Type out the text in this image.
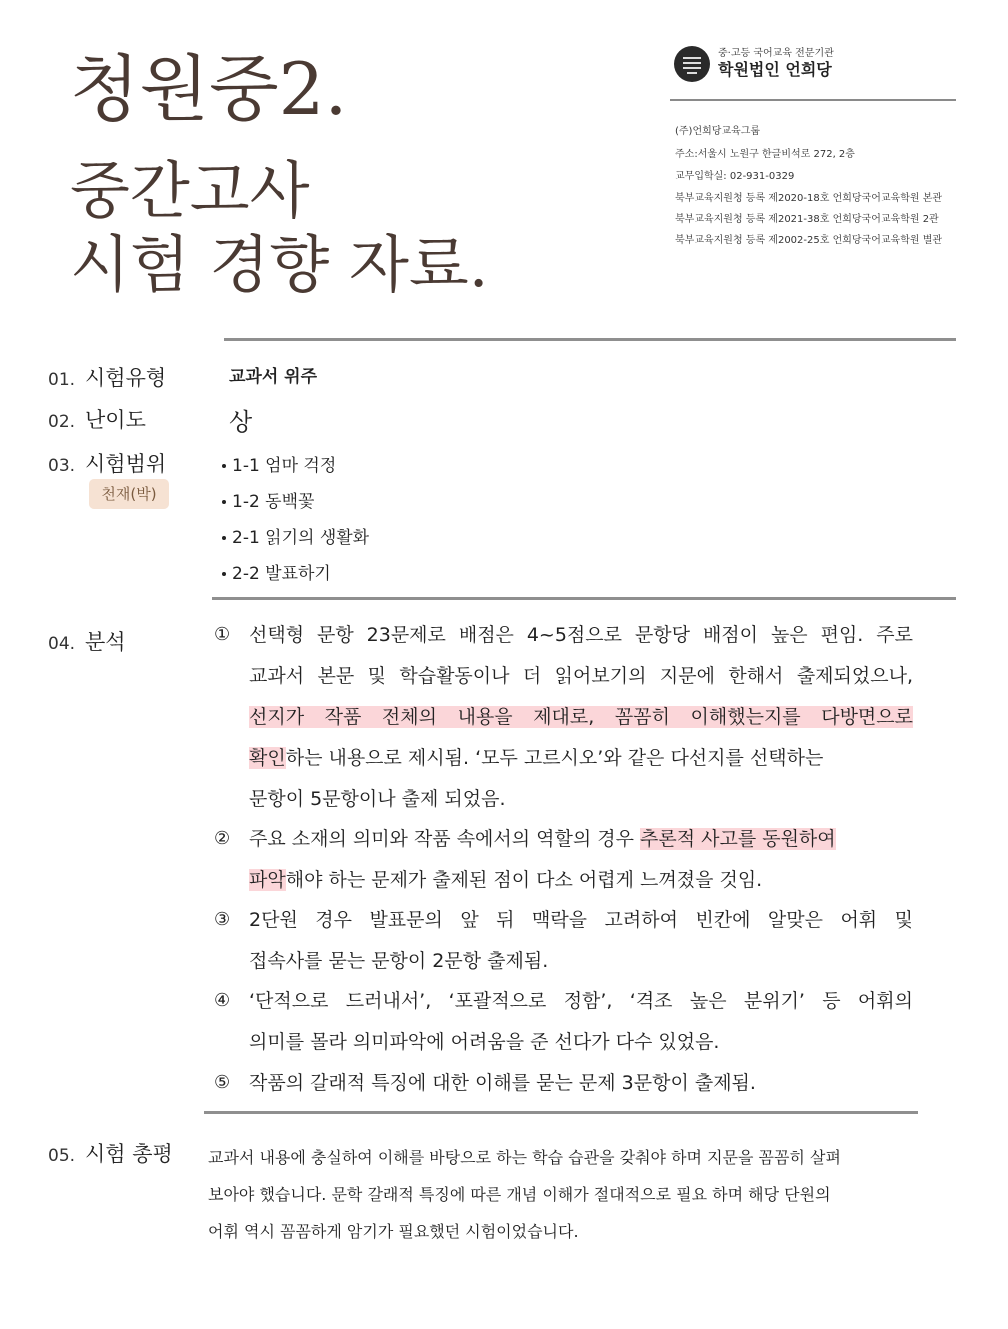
청원중2.
중간고사
시험 경향 자료.
중·고등 국어교육 전문기관
학원법인 언희당
(주)언희당교육그룹
주소:서울시 노원구 한글비석로 272, 2층
교무입학실: 02-931-0329
북부교육지원청 등록 제2020-18호 언희당국어교육학원 본관
북부교육지원청 등록 제2021-38호 언희당국어교육학원 2관
북부교육지원청 등록 제2002-25호 언희당국어교육학원 별관
01. 시험유형	교과서 위주
02. 난이도	상
03. 시험범위
천재(박)
1-1 엄마 걱정
1-2 동백꽃
2-1 읽기의 생활화
2-2 발표하기
04. 분석	① 선택형 문항 23문제로 배점은 4~5점으로 문항당 배점이 높은 편임. 주로
교과서 본문 및 학습활동이나 더 읽어보기의 지문에 한해서 출제되었으나,
선지가 작품 전체의 내용을 제대로, 꼼꼼히 이해했는지를 다방면으로
확인하는 내용으로 제시됨. ‘모두 고르시오’와 같은 다선지를 선택하는
문항이 5문항이나 출제 되었음.
② 주요 소재의 의미와 작품 속에서의 역할의 경우 추론적 사고를 동원하여
파악해야 하는 문제가 출제된 점이 다소 어렵게 느껴졌을 것임.
③ 2단원 경우 발표문의 앞 뒤 맥락을 고려하여 빈칸에 알맞은 어휘 및
접속사를 묻는 문항이 2문항 출제됨.
④ ‘단적으로 드러내서’, ‘포괄적으로 정함’, ‘격조 높은 분위기’ 등 어휘의
의미를 몰라 의미파악에 어려움을 준 선다가 다수 있었음.
⑤ 작품의 갈래적 특징에 대한 이해를 묻는 문제 3문항이 출제됨.
05. 시험 총평 교과서 내용에 충실하여 이해를 바탕으로 하는 학습 습관을 갖춰야 하며 지문을 꼼꼼히 살펴
보아야 했습니다. 문학 갈래적 특징에 따른 개념 이해가 절대적으로 필요 하며 해당 단원의
어휘 역시 꼼꼼하게 암기가 필요했던 시험이었습니다.
